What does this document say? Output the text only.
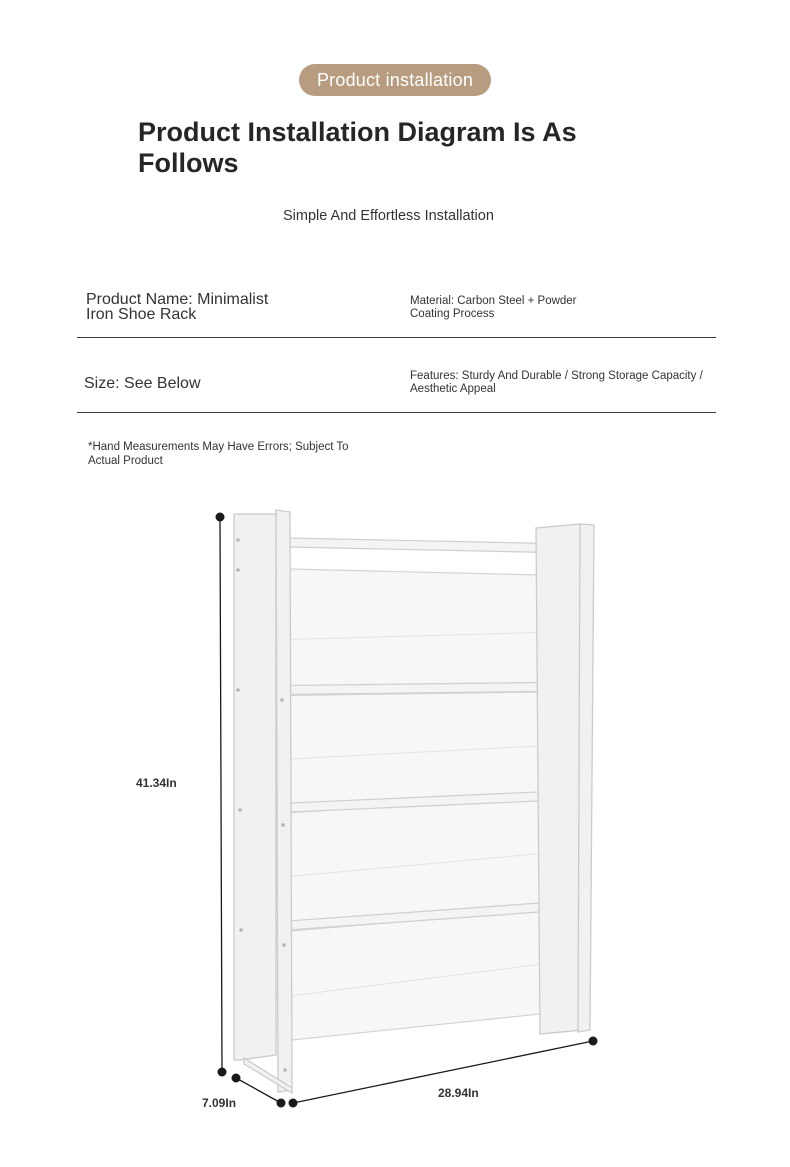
Product installation
Product Installation Diagram Is As Follows
Simple And Effortless Installation
Product Name: Minimalist Iron Shoe Rack
Material: Carbon Steel + Powder Coating Process
Size: See Below	Features: Sturdy And Durable / Strong Storage Capacity / Aesthetic Appeal
*Hand Measurements May Have Errors; Subject To Actual Product
41.34In
7.09In
28.94In
